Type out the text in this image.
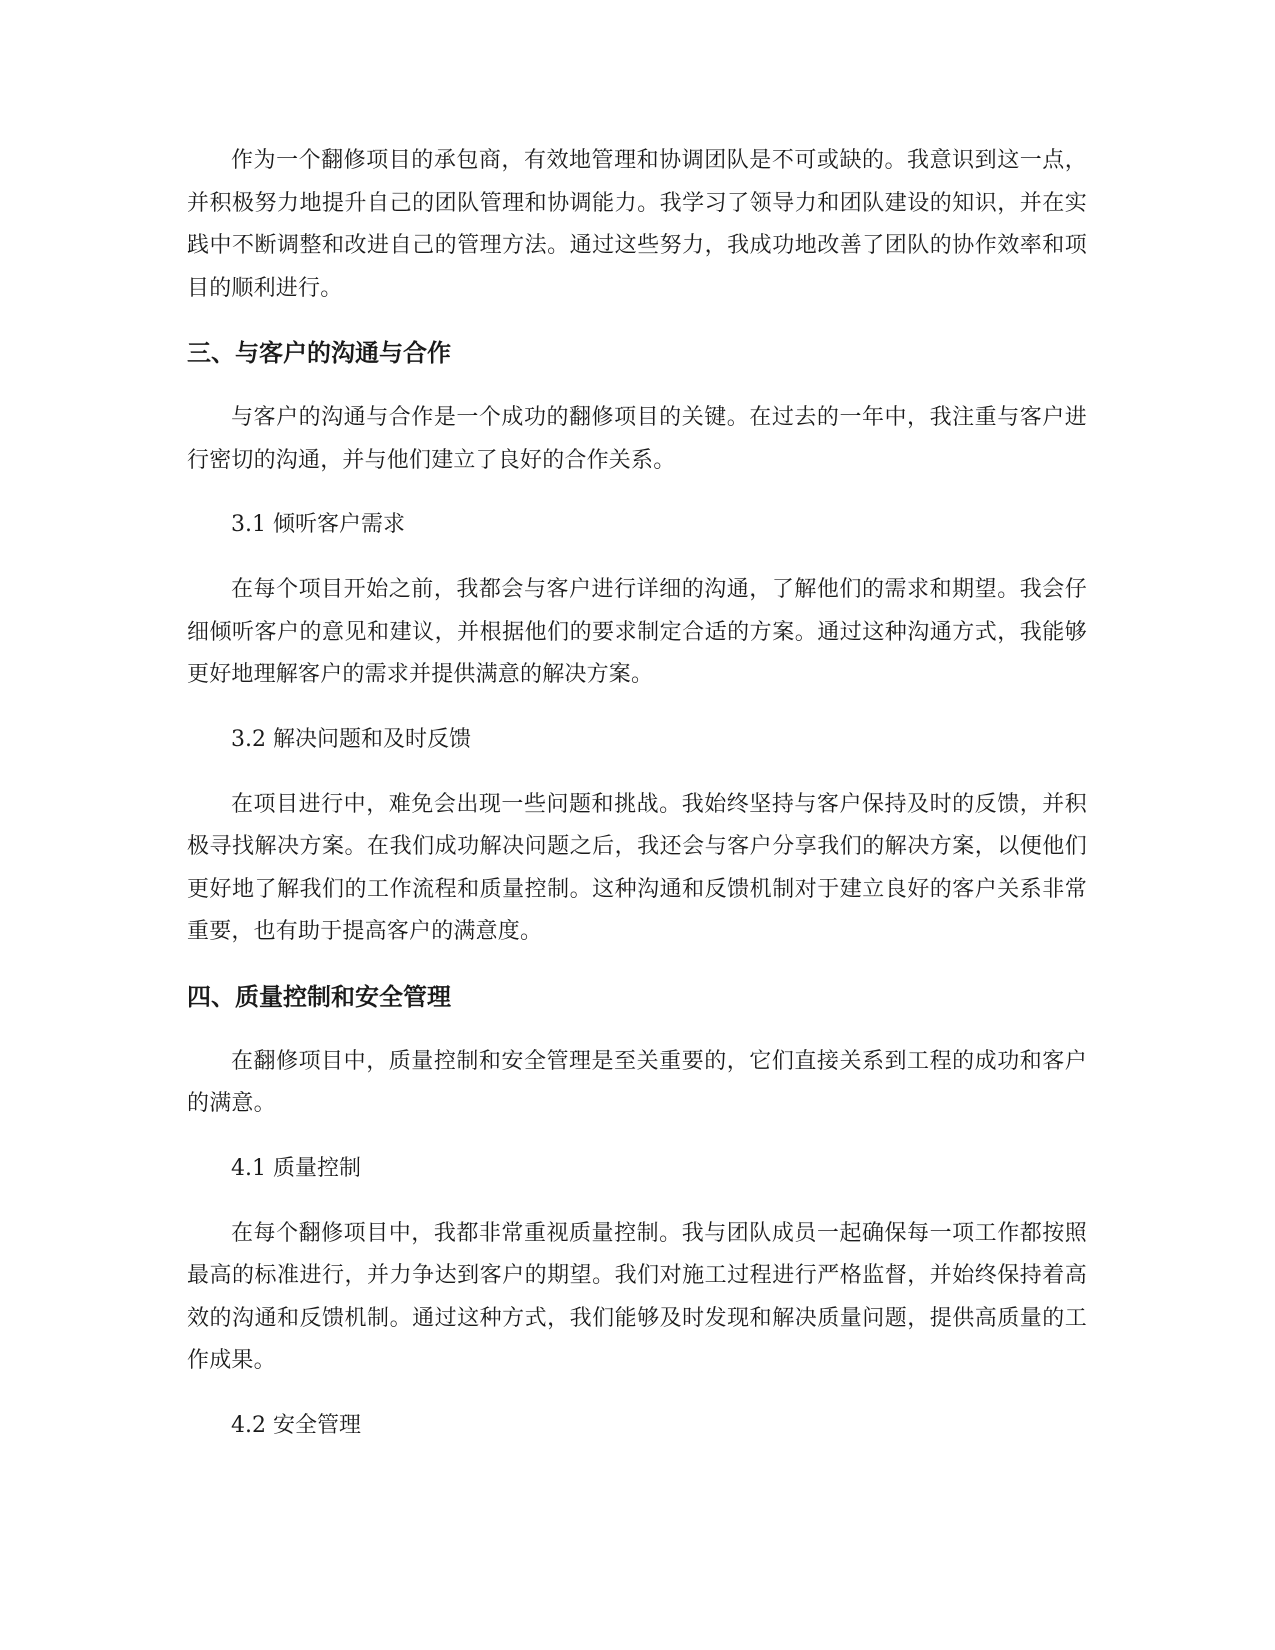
作为一个翻修项目的承包商，有效地管理和协调团队是不可或缺的。我意识到这一点，并积极努力地提升自己的团队管理和协调能力。我学习了领导力和团队建设的知识，并在实践中不断调整和改进自己的管理方法。通过这些努力，我成功地改善了团队的协作效率和项目的顺利进行。

三、与客户的沟通与合作

与客户的沟通与合作是一个成功的翻修项目的关键。在过去的一年中，我注重与客户进行密切的沟通，并与他们建立了良好的合作关系。

3.1 倾听客户需求

在每个项目开始之前，我都会与客户进行详细的沟通，了解他们的需求和期望。我会仔细倾听客户的意见和建议，并根据他们的要求制定合适的方案。通过这种沟通方式，我能够更好地理解客户的需求并提供满意的解决方案。

3.2 解决问题和及时反馈

在项目进行中，难免会出现一些问题和挑战。我始终坚持与客户保持及时的反馈，并积极寻找解决方案。在我们成功解决问题之后，我还会与客户分享我们的解决方案，以便他们更好地了解我们的工作流程和质量控制。这种沟通和反馈机制对于建立良好的客户关系非常重要，也有助于提高客户的满意度。

四、质量控制和安全管理

在翻修项目中，质量控制和安全管理是至关重要的，它们直接关系到工程的成功和客户的满意。

4.1 质量控制

在每个翻修项目中，我都非常重视质量控制。我与团队成员一起确保每一项工作都按照最高的标准进行，并力争达到客户的期望。我们对施工过程进行严格监督，并始终保持着高效的沟通和反馈机制。通过这种方式，我们能够及时发现和解决质量问题，提供高质量的工作成果。

4.2 安全管理
